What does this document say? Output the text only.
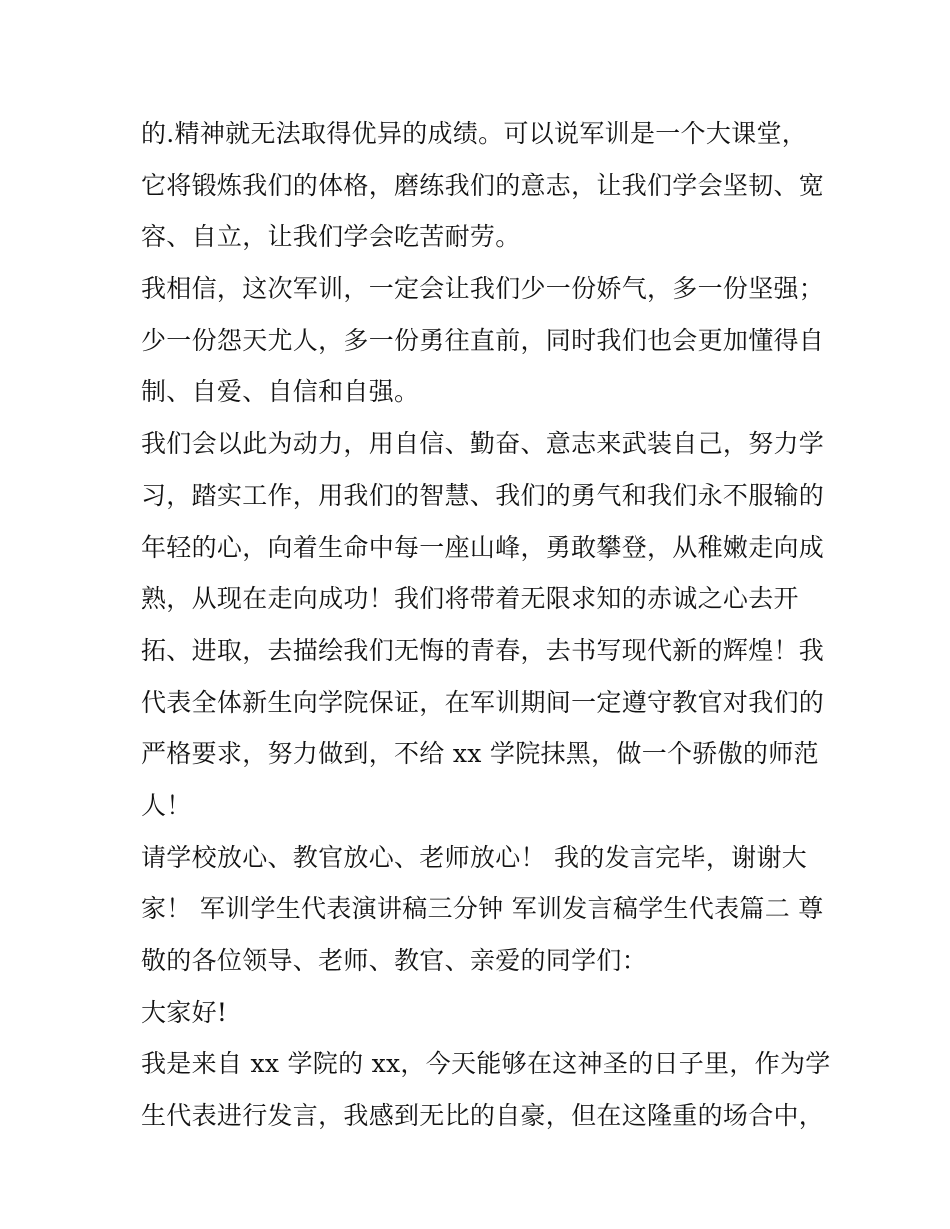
的.精神就无法取得优异的成绩。可以说军训是一个大课堂，
它将锻炼我们的体格，磨练我们的意志，让我们学会坚韧、宽
容、自立，让我们学会吃苦耐劳。
我相信，这次军训，一定会让我们少一份娇气，多一份坚强；
少一份怨天尤人，多一份勇往直前，同时我们也会更加懂得自
制、自爱、自信和自强。
我们会以此为动力，用自信、勤奋、意志来武装自己，努力学
习，踏实工作，用我们的智慧、我们的勇气和我们永不服输的
年轻的心，向着生命中每一座山峰，勇敢攀登，从稚嫩走向成
熟，从现在走向成功！我们将带着无限求知的赤诚之心去开
拓、进取，去描绘我们无悔的青春，去书写现代新的辉煌！我
代表全体新生向学院保证，在军训期间一定遵守教官对我们的
严格要求，努力做到，不给 xx 学院抹黑，做一个骄傲的师范
人！
请学校放心、教官放心、老师放心！ 我的发言完毕，谢谢大
家！ 军训学生代表演讲稿三分钟 军训发言稿学生代表篇二 尊
敬的各位领导、老师、教官、亲爱的同学们：
大家好!
我是来自 xx 学院的 xx，今天能够在这神圣的日子里，作为学
生代表进行发言，我感到无比的自豪，但在这隆重的场合中，
